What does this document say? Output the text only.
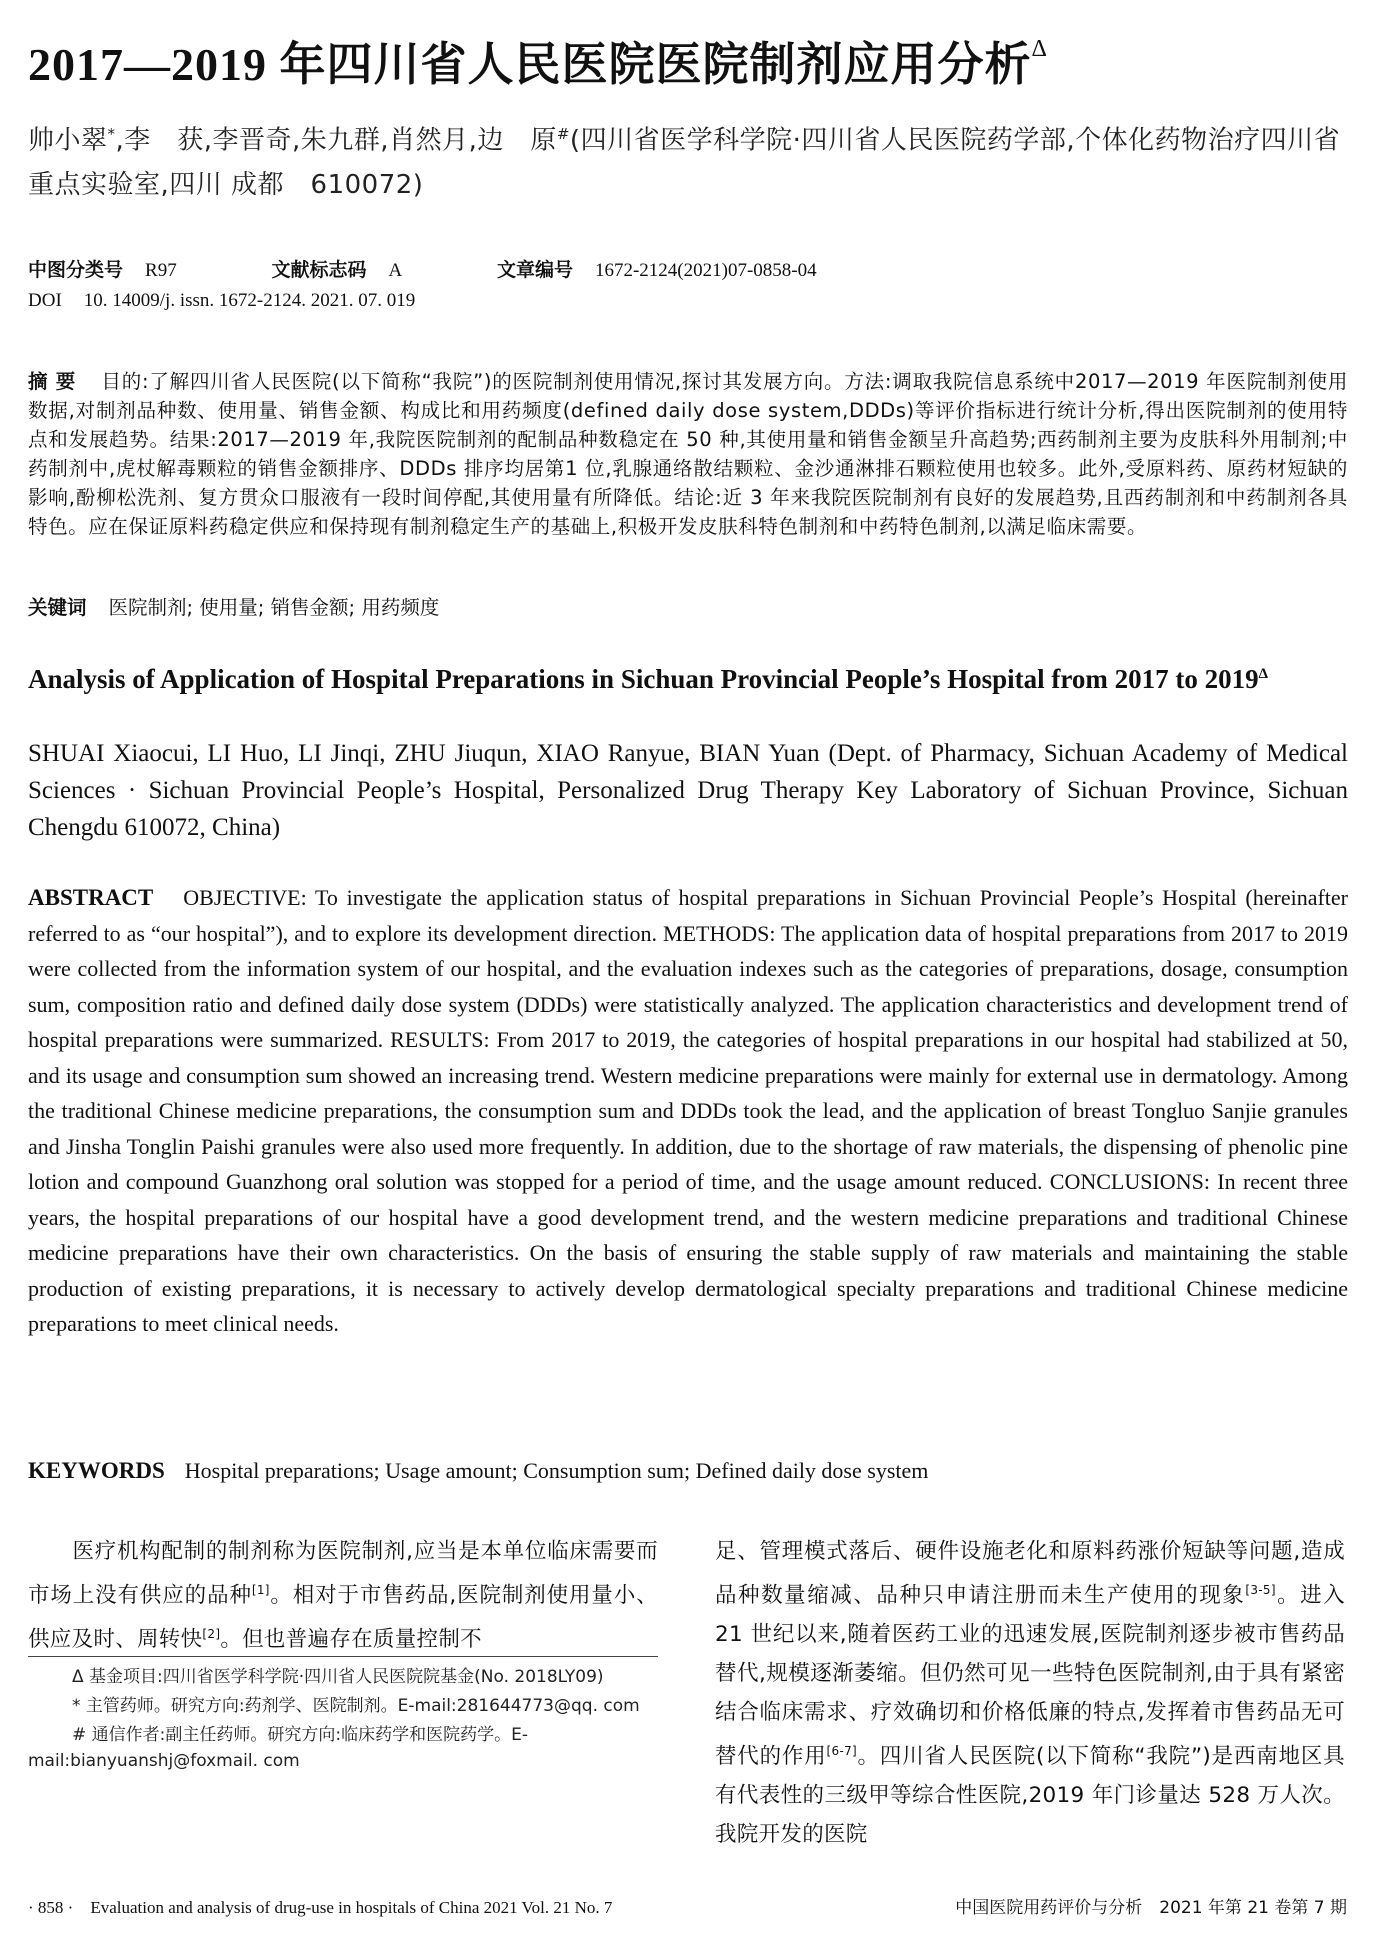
2017—2019 年四川省人民医院医院制剂应用分析$^\Delta$
帅小翠*,李　获,李晋奇,朱九群,肖然月,边　原#(四川省医学科学院·四川省人民医院药学部,个体化药物治疗四川省重点实验室,四川 成都　610072)
中图分类号 R97	文献标志码 A	文章编号 1672-2124(2021)07-0858-04
DOI 10. 14009/j. issn. 1672-2124. 2021. 07. 019
摘要 目的:了解四川省人民医院(以下简称“我院”)的医院制剂使用情况,探讨其发展方向。方法:调取我院信息系统中2017—2019 年医院制剂使用数据,对制剂品种数、使用量、销售金额、构成比和用药频度(defined daily dose system,DDDs)等评价指标进行统计分析,得出医院制剂的使用特点和发展趋势。结果:2017—2019 年,我院医院制剂的配制品种数稳定在 50 种,其使用量和销售金额呈升高趋势;西药制剂主要为皮肤科外用制剂;中药制剂中,虎杖解毒颗粒的销售金额排序、DDDs 排序均居第1 位,乳腺通络散结颗粒、金沙通淋排石颗粒使用也较多。此外,受原料药、原药材短缺的影响,酚柳松洗剂、复方贯众口服液有一段时间停配,其使用量有所降低。结论:近 3 年来我院医院制剂有良好的发展趋势,且西药制剂和中药制剂各具特色。应在保证原料药稳定供应和保持现有制剂稳定生产的基础上,积极开发皮肤科特色制剂和中药特色制剂,以满足临床需要。
关键词 医院制剂; 使用量; 销售金额; 用药频度
Analysis of Application of Hospital Preparations in Sichuan Provincial People’s Hospital from 2017 to $2019^\Delta$
SHUAI Xiaocui, LI Huo, LI Jinqi, ZHU Jiuqun, XIAO Ranyue, BIAN Yuan (Dept. of Pharmacy, Sichuan Academy of Medical Sciences · Sichuan Provincial People’s Hospital, Personalized Drug Therapy Key Laboratory of Sichuan Province, Sichuan Chengdu 610072, China)
ABSTRACT OBJECTIVE: To investigate the application status of hospital preparations in Sichuan Provincial People’s Hospital (hereinafter referred to as “our hospital”), and to explore its development direction. METHODS: The application data of hospital preparations from 2017 to 2019 were collected from the information system of our hospital, and the evaluation indexes such as the categories of preparations, dosage, consumption sum, composition ratio and defined daily dose system (DDDs) were statistically analyzed. The application characteristics and development trend of hospital preparations were summarized. RESULTS: From 2017 to 2019, the categories of hospital preparations in our hospital had stabilized at 50, and its usage and consumption sum showed an increasing trend. Western medicine preparations were mainly for external use in dermatology. Among the traditional Chinese medicine preparations, the consumption sum and DDDs took the lead, and the application of breast Tongluo Sanjie granules and Jinsha Tonglin Paishi granules were also used more frequently. In addition, due to the shortage of raw materials, the dispensing of phenolic pine lotion and compound Guanzhong oral solution was stopped for a period of time, and the usage amount reduced. CONCLUSIONS: In recent three years, the hospital preparations of our hospital have a good development trend, and the western medicine preparations and traditional Chinese medicine preparations have their own characteristics. On the basis of ensuring the stable supply of raw materials and maintaining the stable production of existing preparations, it is necessary to actively develop dermatological specialty preparations and traditional Chinese medicine preparations to meet clinical needs.
KEYWORDS Hospital preparations; Usage amount; Consumption sum; Defined daily dose system
医疗机构配制的制剂称为医院制剂,应当是本单位临床需要而市场上没有供应的品种[1]。相对于市售药品,医院制剂使用量小、供应及时、周转快[2]。但也普遍存在质量控制不

Δ 基金项目:四川省医学科学院·四川省人民医院院基金(No. 2018LY09)

* 主管药师。研究方向:药剂学、医院制剂。E-mail:281644773@qq. com

# 通信作者:副主任药师。研究方向:临床药学和医院药学。E-mail:bianyuanshj@foxmail. com

足、管理模式落后、硬件设施老化和原料药涨价短缺等问题,造成品种数量缩减、品种只申请注册而未生产使用的现象[3-5]。进入 21 世纪以来,随着医药工业的迅速发展,医院制剂逐步被市售药品替代,规模逐渐萎缩。但仍然可见一些特色医院制剂,由于具有紧密结合临床需求、疗效确切和价格低廉的特点,发挥着市售药品无可替代的作用[6-7]。四川省人民医院(以下简称“我院”)是西南地区具有代表性的三级甲等综合性医院,2019 年门诊量达 528 万人次。我院开发的医院
· 858 ·　Evaluation and analysis of drug-use in hospitals of China 2021 Vol. 21 No. 7	中国医院用药评价与分析　2021 年第 21 卷第 7 期
